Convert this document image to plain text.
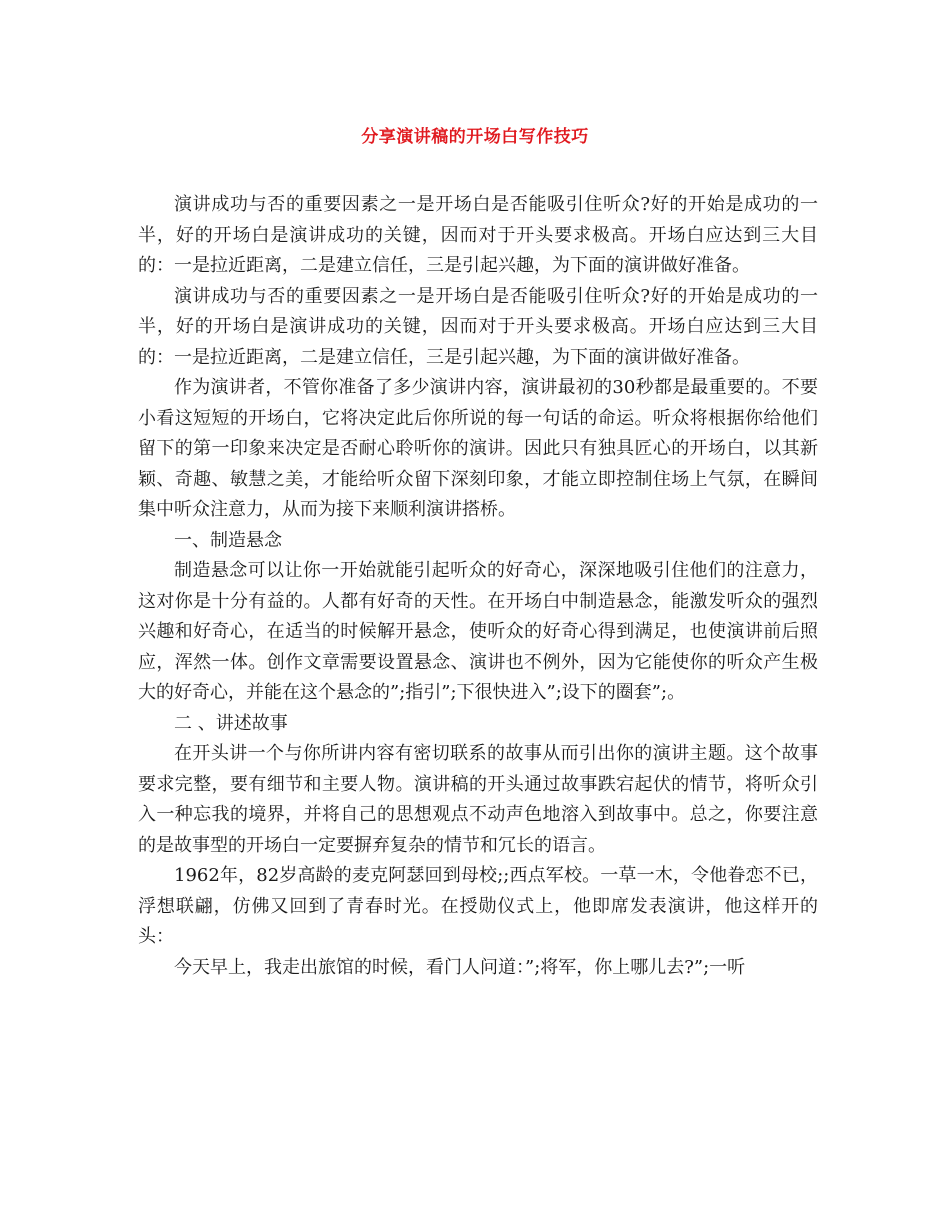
分享演讲稿的开场白写作技巧

演讲成功与否的重要因素之一是开场白是否能吸引住听众?好的开始是成功的一半，好的开场白是演讲成功的关键，因而对于开头要求极高。开场白应达到三大目的：一是拉近距离，二是建立信任，三是引起兴趣，为下面的演讲做好准备。

演讲成功与否的重要因素之一是开场白是否能吸引住听众?好的开始是成功的一半，好的开场白是演讲成功的关键，因而对于开头要求极高。开场白应达到三大目的：一是拉近距离，二是建立信任，三是引起兴趣，为下面的演讲做好准备。

作为演讲者，不管你准备了多少演讲内容，演讲最初的30秒都是最重要的。不要小看这短短的开场白，它将决定此后你所说的每一句话的命运。听众将根据你给他们留下的第一印象来决定是否耐心聆听你的演讲。因此只有独具匠心的开场白，以其新颖、奇趣、敏慧之美，才能给听众留下深刻印象，才能立即控制住场上气氛，在瞬间集中听众注意力，从而为接下来顺利演讲搭桥。

一、制造悬念

制造悬念可以让你一开始就能引起听众的好奇心，深深地吸引住他们的注意力，这对你是十分有益的。人都有好奇的天性。在开场白中制造悬念，能激发听众的强烈兴趣和好奇心，在适当的时候解开悬念，使听众的好奇心得到满足，也使演讲前后照应，浑然一体。创作文章需要设置悬念、演讲也不例外，因为它能使你的听众产生极大的好奇心，并能在这个悬念的”;指引”;下很快进入”;设下的圈套”;。

二 、讲述故事

在开头讲一个与你所讲内容有密切联系的故事从而引出你的演讲主题。这个故事要求完整，要有细节和主要人物。演讲稿的开头通过故事跌宕起伏的情节，将听众引入一种忘我的境界，并将自己的思想观点不动声色地溶入到故事中。总之，你要注意的是故事型的开场白一定要摒弃复杂的情节和冗长的语言。

1962年，82岁高龄的麦克阿瑟回到母校;;西点军校。一草一木，令他眷恋不已，浮想联翩，仿佛又回到了青春时光。在授勋仪式上，他即席发表演讲，他这样开的头：

今天早上，我走出旅馆的时候，看门人问道：”;将军，你上哪儿去?”;一听
